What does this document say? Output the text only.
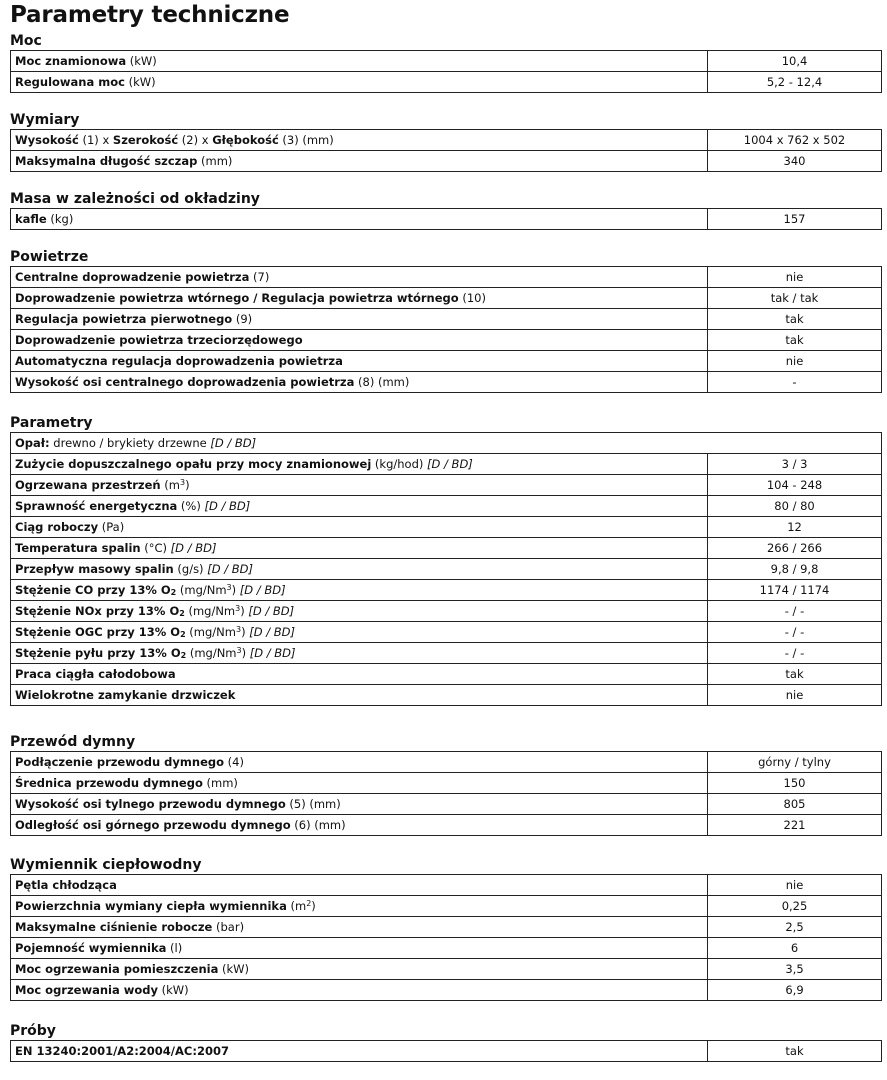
Parametry techniczne
Moc
Moc znamionowa (kW)	10,4
Regulowana moc (kW)	5,2 - 12,4
Wymiary
Wysokość (1) x Szerokość (2) x Głębokość (3) (mm)	1004 x 762 x 502
Maksymalna długość szczap (mm)	340
Masa w zależności od okładziny
kafle (kg)	157
Powietrze
Centralne doprowadzenie powietrza (7)	nie
Doprowadzenie powietrza wtórnego / Regulacja powietrza wtórnego (10)	tak / tak
Regulacja powietrza pierwotnego (9)	tak
Doprowadzenie powietrza trzeciorzędowego	tak
Automatyczna regulacja doprowadzenia powietrza	nie
Wysokość osi centralnego doprowadzenia powietrza (8) (mm)	-
Parametry
Opał: drewno / brykiety drzewne [D / BD]	
Zużycie dopuszczalnego opału przy mocy znamionowej (kg/hod) [D / BD]	3 / 3
Ogrzewana przestrzeń $(m^3)$	104 - 248
Sprawność energetyczna (%) [D / BD]	80 / 80
Ciąg roboczy (Pa)	12
Temperatura spalin (°C) [D / BD]	266 / 266
Przepływ masowy spalin (g/s) [D / BD]	9,8 / 9,8
Stężenie CO przy 13% $O_2$ (mg/Nm$^3$) [D / BD]	1174 / 1174
Stężenie NOx przy 13% $O_2$ (mg/Nm$^3$) [D / BD]	- / -
Stężenie OGC przy 13% $O_2$ (mg/Nm$^3$) [D / BD]	- / -
Stężenie pyłu przy 13% $O_2$ (mg/Nm$^3$) [D / BD]	- / -
Praca ciągła całodobowa	tak
Wielokrotne zamykanie drzwiczek	nie
Przewód dymny
Podłączenie przewodu dymnego (4)	górny / tylny
Średnica przewodu dymnego (mm)	150
Wysokość osi tylnego przewodu dymnego (5) (mm)	805
Odległość osi górnego przewodu dymnego (6) (mm)	221
Wymiennik ciepłowodny
Pętla chłodząca	nie
Powierzchnia wymiany ciepła wymiennika $(m^2)$	0,25
Maksymalne ciśnienie robocze (bar)	2,5
Pojemność wymiennika (l)	6
Moc ogrzewania pomieszczenia (kW)	3,5
Moc ogrzewania wody (kW)	6,9
Próby
EN 13240:2001/A2:2004/AC:2007	tak
